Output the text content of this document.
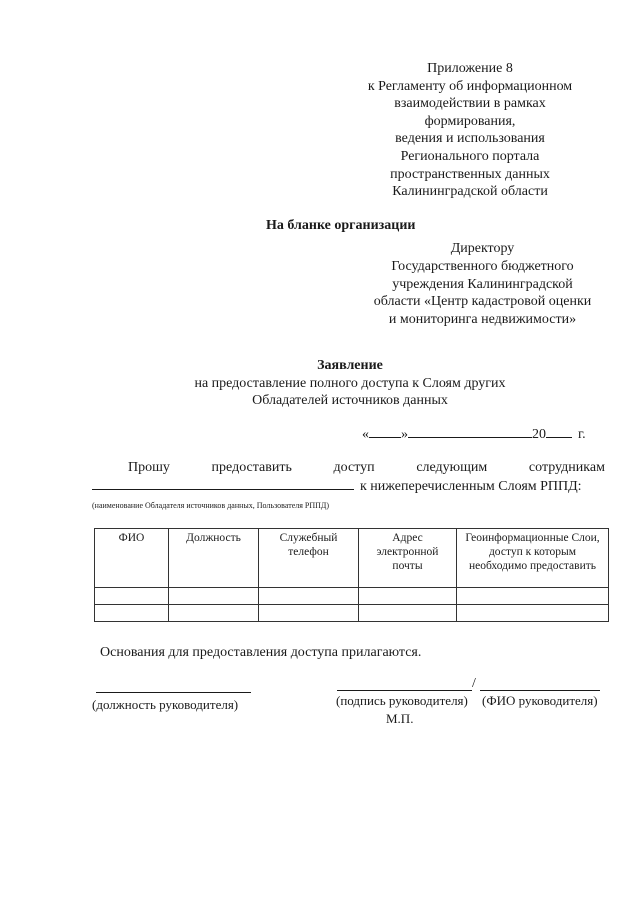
Приложение 8
к Регламенту об информационном
взаимодействии в рамках
формирования,
ведения и использования
Регионального портала
пространственных данных
Калининградской области
На бланке организации
Директору
Государственного бюджетного
учреждения Калининградской
области «Центр кадастровой оценки
и мониторинга недвижимости»
Заявление
на предоставление полного доступа к Слоям других
Обладателей источников данных
« »	20 г.
Прошу	предоставить	доступ	следующим	сотрудникам
к нижеперечисленным Слоям РППД:
(наименование Обладателя источников данных, Пользователя РППД)
ФИО	Должность	Служебный телефон	Адрес электронной почты	Геоинформационные Слои, доступ к которым необходимо предоставить

Основания для предоставления доступа прилагаются.
(должность руководителя)
/
(подпись руководителя) (ФИО руководителя)
М.П.
